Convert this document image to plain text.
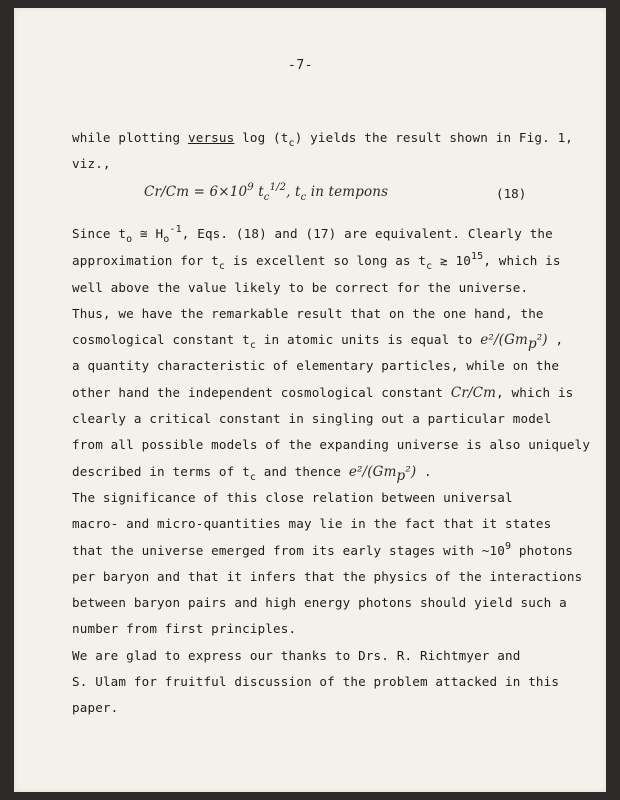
-7-
while plotting versus $\log (t_c)$ yields the result shown in Fig. 1,
viz.,
$Cr/Cm = 6\times 10^9$ $t_c^{1/2}$, $t_c$ in tempons	(18)
Since $t_o$ ≅ $H_o^{-1}$, Eqs. (18) and (17) are equivalent. Clearly the
approximation for $t_c$ is excellent so long as $t_c$ ≳ $10^{15}$, which is
well above the value likely to be correct for the universe.
Thus, we have the remarkable result that on the one hand, the
cosmological constant $t_c$ in atomic units is equal to e²/(Gmp²) ,
a quantity characteristic of elementary particles, while on the
other hand the independent cosmological constant Cr/Cm, which is
clearly a critical constant in singling out a particular model
from all possible models of the expanding universe is also uniquely
described in terms of $t_c$ and thence e²/(Gmp²) .
The significance of this close relation between universal
macro- and micro-quantities may lie in the fact that it states
that the universe emerged from its early stages with $\sim 10^9$ photons
per baryon and that it infers that the physics of the interactions
between baryon pairs and high energy photons should yield such a
number from first principles.
We are glad to express our thanks to Drs. R. Richtmyer and
S. Ulam for fruitful discussion of the problem attacked in this
paper.
